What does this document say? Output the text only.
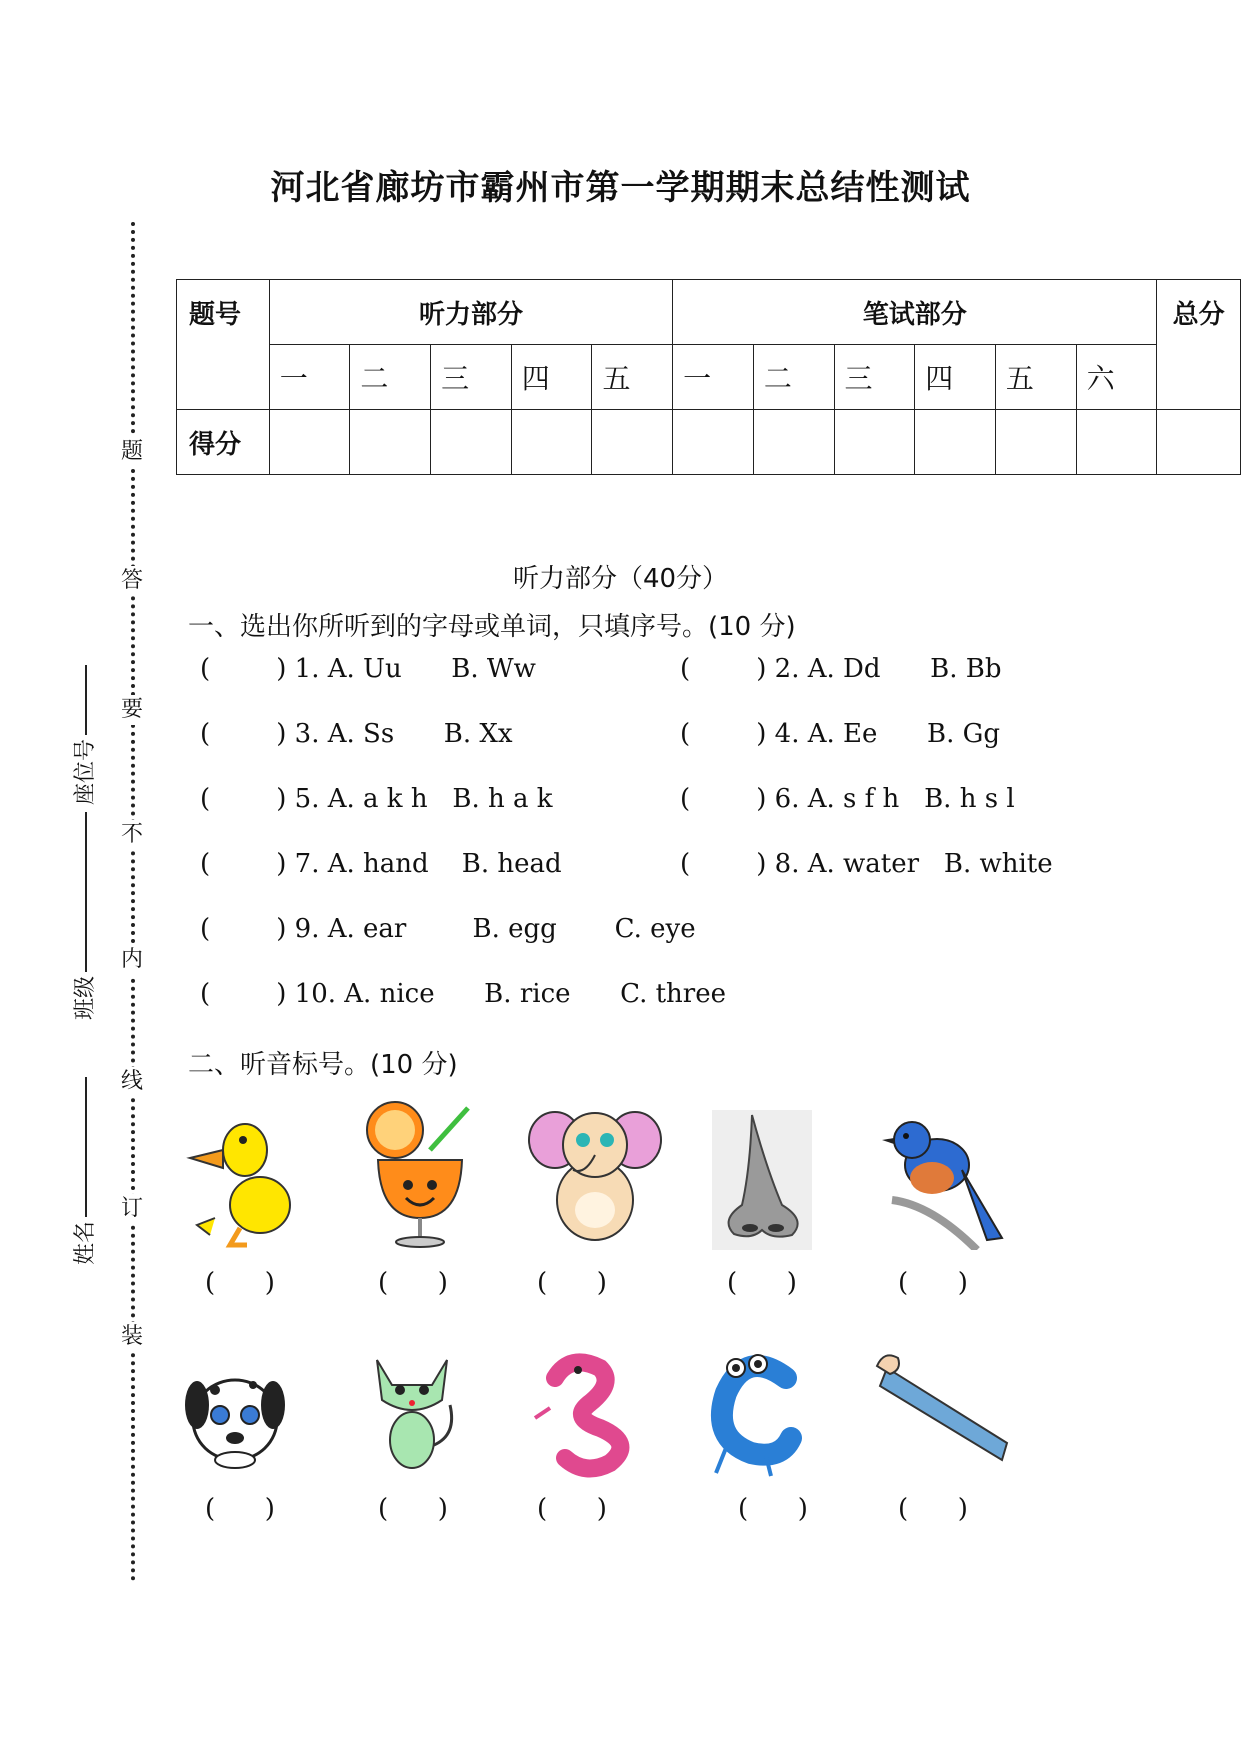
河北省廊坊市霸州市第一学期期末总结性测试
题
答
要
不
内
线
订
装
座位号
班级
姓名
题号	听力部分					笔试部分						总分
	一	二	三	四	五	一	二	三	四	五	六	
得分												
听力部分（40分）
一、选出你所听到的字母或单词，只填序号。(10 分)
(        ) 1. A. Uu      B. Ww	(        ) 2. A. Dd      B. Bb
(        ) 3. A. Ss      B. Xx	(        ) 4. A. Ee      B. Gg
(        ) 5. A. a k h   B. h a k	(        ) 6. A. s f h   B. h s l
(        ) 7. A. hand    B. head	(        ) 8. A. water   B. white
(        ) 9. A. ear        B. egg       C. eye
(        ) 10. A. nice      B. rice      C. three
二、听音标号。(10 分)
(      )	(      )	(      )	(      )	(      )
(      )	(      )	(      )	(      )	(      )
